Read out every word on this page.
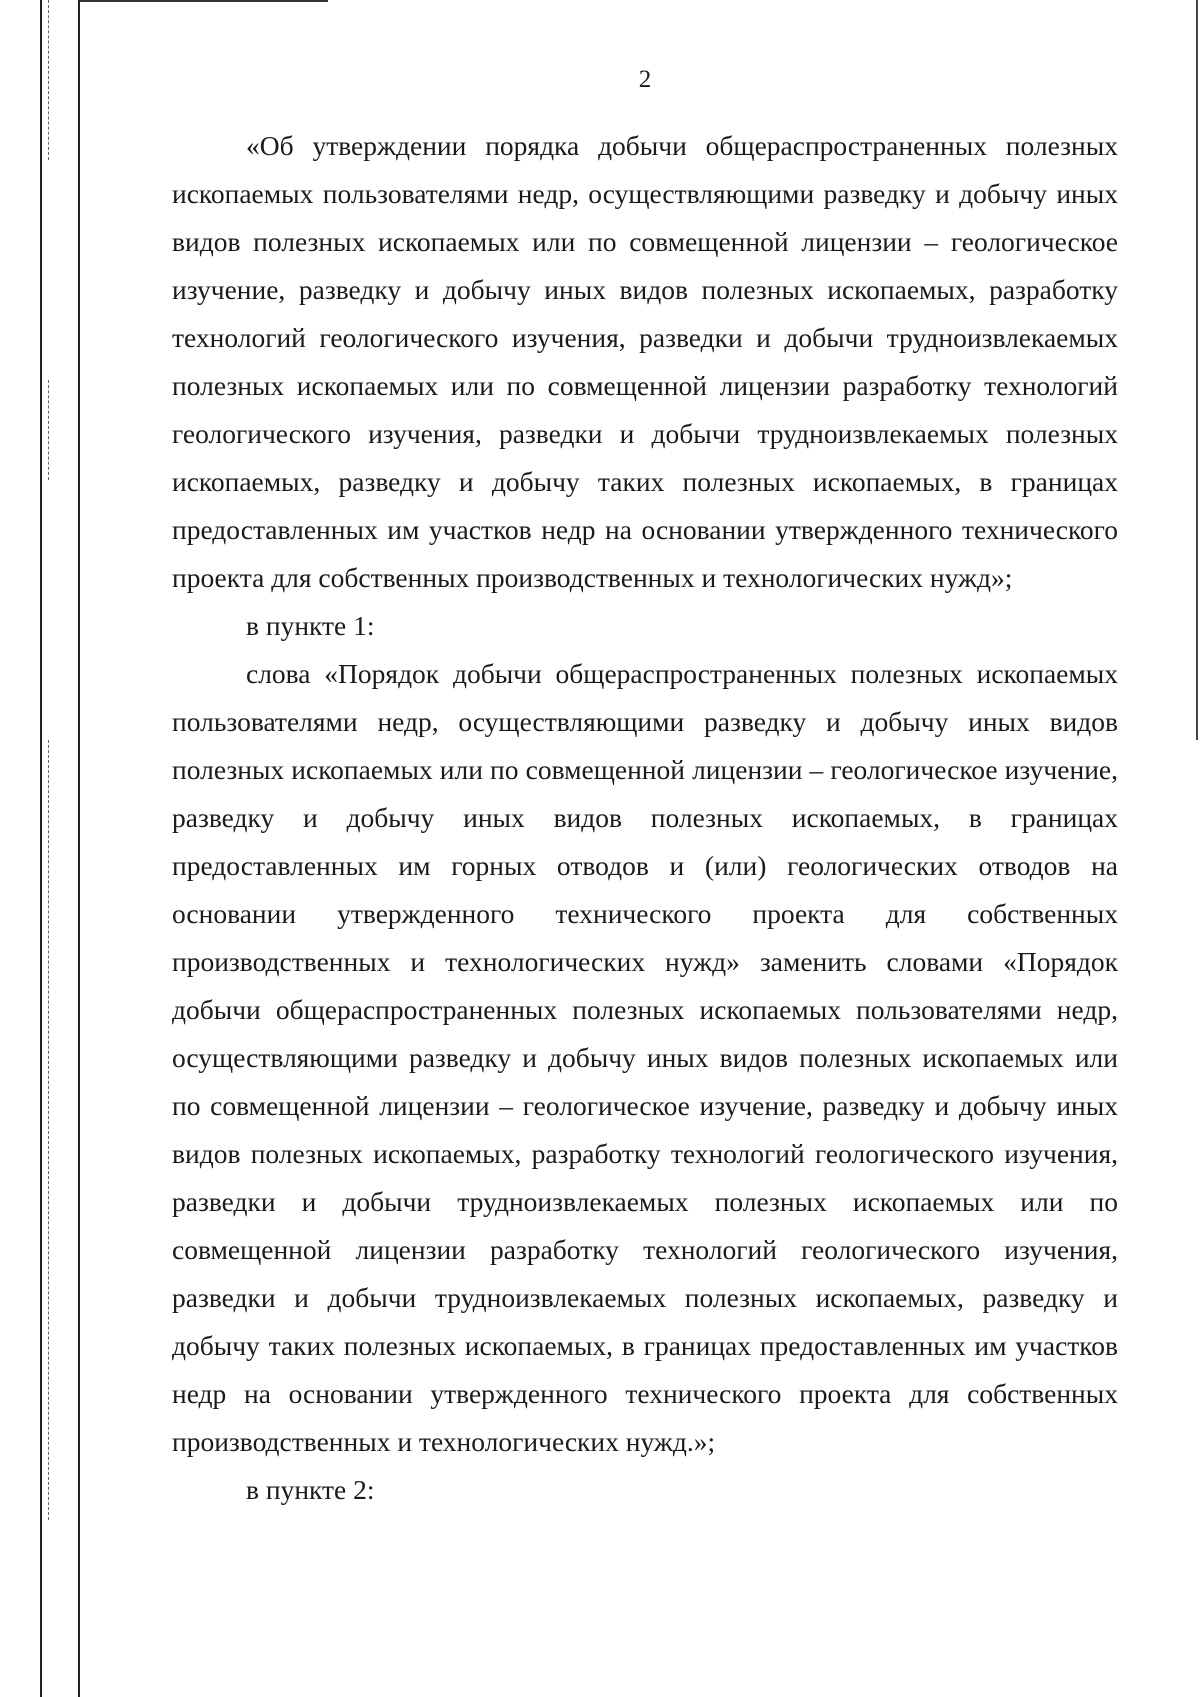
2

«Об утверждении порядка добычи общераспространенных полезных ископаемых пользователями недр, осуществляющими разведку и добычу иных видов полезных ископаемых или по совмещенной лицензии – геологическое изучение, разведку и добычу иных видов полезных ископаемых, разработку технологий геологического изучения, разведки и добычи трудноизвлекаемых полезных ископаемых или по совмещенной лицензии разработку технологий геологического изучения, разведки и добычи трудноизвлекаемых полезных ископаемых, разведку и добычу таких полезных ископаемых, в границах предоставленных им участков недр на основании утвержденного технического проекта для собственных производственных и технологических нужд»;

в пункте 1:

слова «Порядок добычи общераспространенных полезных ископаемых пользователями недр, осуществляющими разведку и добычу иных видов полезных ископаемых или по совмещенной лицензии – геологическое изучение, разведку и добычу иных видов полезных ископаемых, в границах предоставленных им горных отводов и (или) геологических отводов на основании утвержденного технического проекта для собственных производственных и технологических нужд» заменить словами «Порядок добычи общераспространенных полезных ископаемых пользователями недр, осуществляющими разведку и добычу иных видов полезных ископаемых или по совмещенной лицензии – геологическое изучение, разведку и добычу иных видов полезных ископаемых, разработку технологий геологического изучения, разведки и добычи трудноизвлекаемых полезных ископаемых или по совмещенной лицензии разработку технологий геологического изучения, разведки и добычи трудноизвлекаемых полезных ископаемых, разведку и добычу таких полезных ископаемых, в границах предоставленных им участков недр на основании утвержденного технического проекта для собственных производственных и технологических нужд.»;

в пункте 2:
